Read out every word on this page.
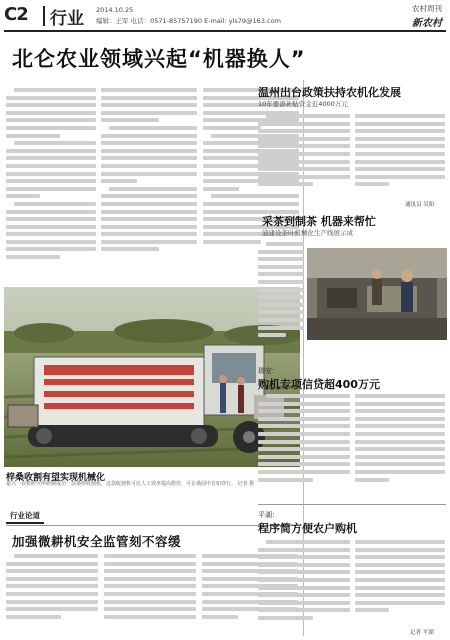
C2 行业 2014.10.25
编辑：王军 电话：0571-85757190 E-mail: yls79@163.com
农村周刊
新农村
北仑农业领域兴起“机器换人”
梓桑收割有望实现机械化
嘉兴一农机研究所研制成功一款桑树收割机，这款收割机可比人工效率提高数倍，可在桑园中自如穿行。 记者 摄
行业论道
加强微耕机安全监管刻不容缓
温州出台政策扶持农机化发展
10年要添补贴资金近4000万元
通讯员 吴阳
采茶到制茶 机器来帮忙
浦建设茶叶机械化生产线展示成
瑞安：
购机专项信贷超400万元
平湖：
程序简方便农户购机
记者 平湖
